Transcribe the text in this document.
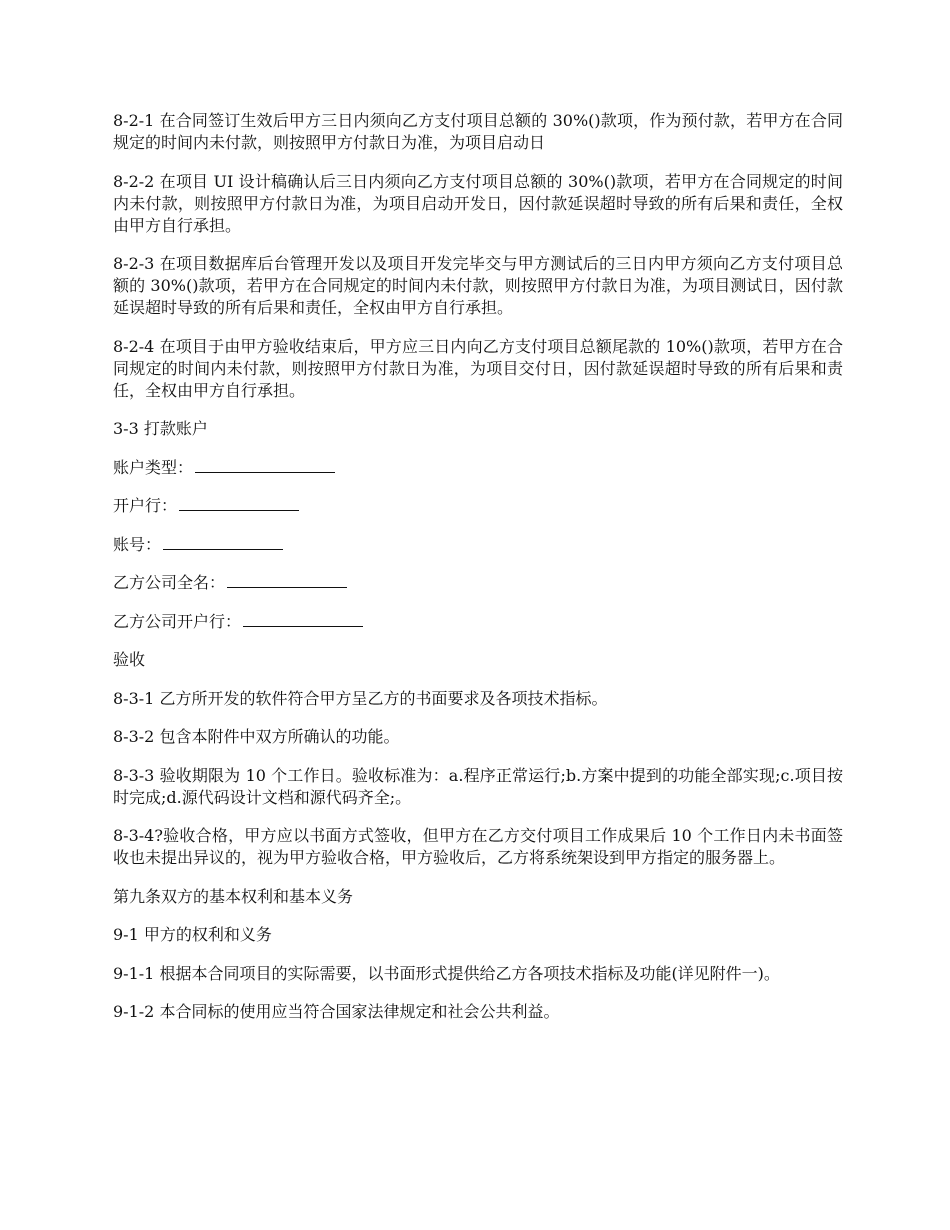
8-2-1 在合同签订生效后甲方三日内须向乙方支付项目总额的 30%()款项，作为预付款，若甲方在合同规定的时间内未付款，则按照甲方付款日为准，为项目启动日

8-2-2 在项目 UI 设计稿确认后三日内须向乙方支付项目总额的 30%()款项，若甲方在合同规定的时间内未付款，则按照甲方付款日为准，为项目启动开发日，因付款延误超时导致的所有后果和责任，全权由甲方自行承担。

8-2-3 在项目数据库后台管理开发以及项目开发完毕交与甲方测试后的三日内甲方须向乙方支付项目总额的 30%()款项，若甲方在合同规定的时间内未付款，则按照甲方付款日为准，为项目测试日，因付款延误超时导致的所有后果和责任，全权由甲方自行承担。

8-2-4 在项目于由甲方验收结束后，甲方应三日内向乙方支付项目总额尾款的 10%()款项，若甲方在合同规定的时间内未付款，则按照甲方付款日为准，为项目交付日，因付款延误超时导致的所有后果和责任，全权由甲方自行承担。

3-3 打款账户

账户类型：

开户行：

账号：

乙方公司全名：

乙方公司开户行：

验收

8-3-1 乙方所开发的软件符合甲方呈乙方的书面要求及各项技术指标。

8-3-2 包含本附件中双方所确认的功能。

8-3-3 验收期限为 10 个工作日。验收标准为：a.程序正常运行;b.方案中提到的功能全部实现;c.项目按时完成;d.源代码设计文档和源代码齐全;。

8-3-4?验收合格，甲方应以书面方式签收，但甲方在乙方交付项目工作成果后 10 个工作日内未书面签收也未提出异议的，视为甲方验收合格，甲方验收后，乙方将系统架设到甲方指定的服务器上。

第九条双方的基本权利和基本义务

9-1 甲方的权利和义务

9-1-1 根据本合同项目的实际需要，以书面形式提供给乙方各项技术指标及功能(详见附件一)。

9-1-2 本合同标的使用应当符合国家法律规定和社会公共利益。
